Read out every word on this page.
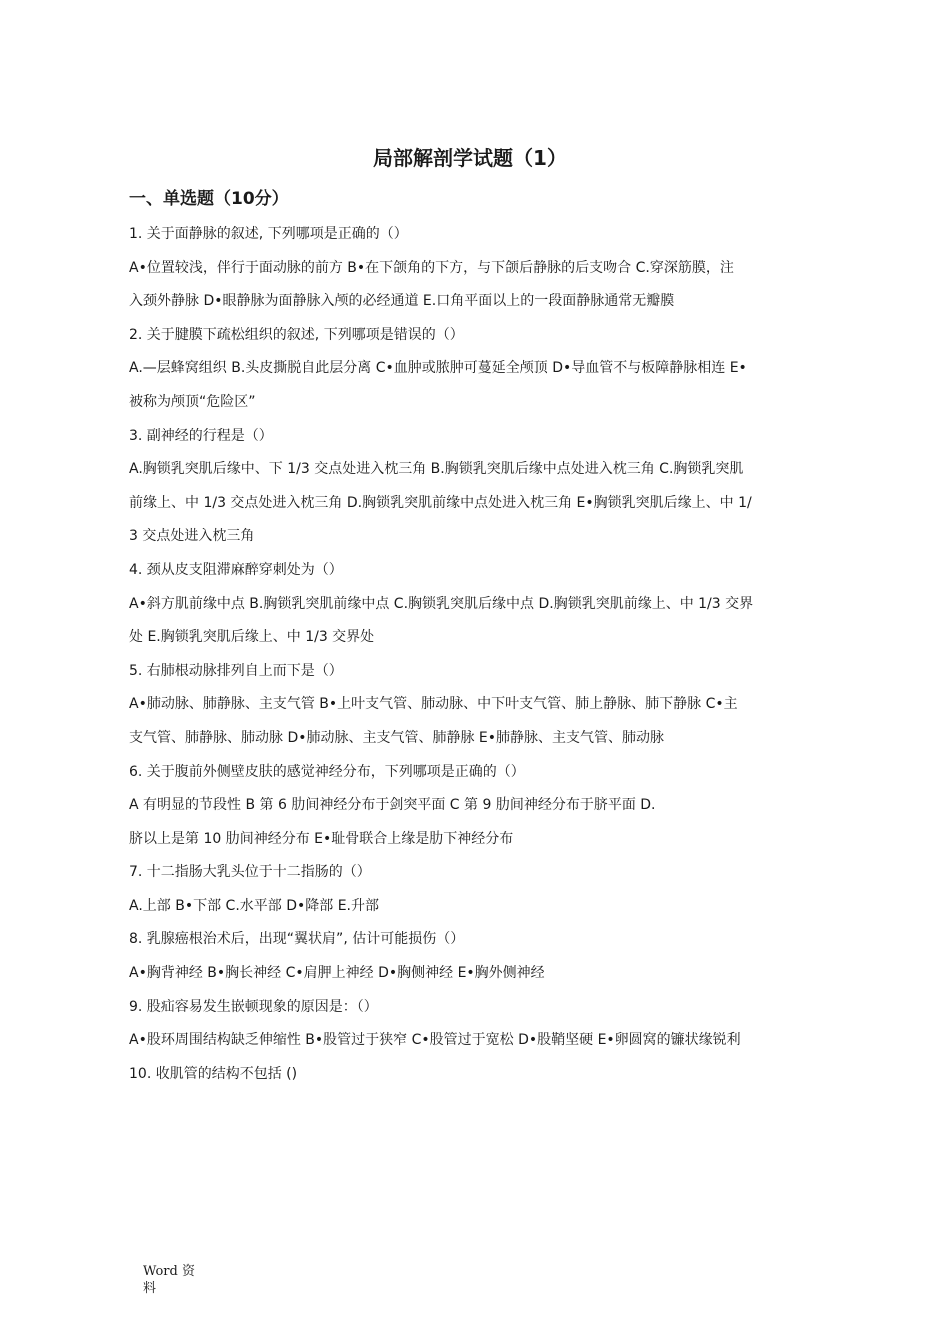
局部解剖学试题（1）
一、单选题（10分）
1. 关于面静脉的叙述, 下列哪项是正确的（）
A•位置较浅，伴行于面动脉的前方 B•在下颌角的下方，与下颌后静脉的后支吻合 C.穿深筋膜，注
入颈外静脉 D•眼静脉为面静脉入颅的必经通道 E.口角平面以上的一段面静脉通常无瓣膜
2. 关于腱膜下疏松组织的叙述, 下列哪项是错误的（）
A.—层蜂窝组织 B.头皮撕脱自此层分离 C•血肿或脓肿可蔓延全颅顶 D•导血管不与板障静脉相连 E•
被称为颅顶“危险区”
3. 副神经的行程是（）
A.胸锁乳突肌后缘中、下 1/3 交点处进入枕三角 B.胸锁乳突肌后缘中点处进入枕三角 C.胸锁乳突肌
前缘上、中 1/3 交点处进入枕三角 D.胸锁乳突肌前缘中点处进入枕三角 E•胸锁乳突肌后缘上、中 1/
3 交点处进入枕三角
4. 颈从皮支阻滞麻醉穿刺处为（）
A•斜方肌前缘中点 B.胸锁乳突肌前缘中点 C.胸锁乳突肌后缘中点 D.胸锁乳突肌前缘上、中 1/3 交界
处 E.胸锁乳突肌后缘上、中 1/3 交界处
5. 右肺根动脉排列自上而下是（）
A•肺动脉、肺静脉、主支气管 B•上叶支气管、肺动脉、中下叶支气管、肺上静脉、肺下静脉 C•主
支气管、肺静脉、肺动脉 D•肺动脉、主支气管、肺静脉 E•肺静脉、主支气管、肺动脉
6. 关于腹前外侧壁皮肤的感觉神经分布，下列哪项是正确的（）
A 有明显的节段性 B 第 6 肋间神经分布于剑突平面 C 第 9 肋间神经分布于脐平面 D.
脐以上是第 10 肋间神经分布 E•耻骨联合上缘是肋下神经分布
7. 十二指肠大乳头位于十二指肠的（）
A.上部 B•下部 C.水平部 D•降部 E.升部
8. 乳腺癌根治术后，出现“翼状肩”, 估计可能损伤（）
A•胸背神经 B•胸长神经 C•肩胛上神经 D•胸侧神经 E•胸外侧神经
9. 股疝容易发生嵌顿现象的原因是：（）
A•股环周围结构缺乏伸缩性 B•股管过于狭窄 C•股管过于宽松 D•股鞘坚硬 E•卵圆窝的镰状缘锐利
10. 收肌管的结构不包括 ()
Word 资
料
